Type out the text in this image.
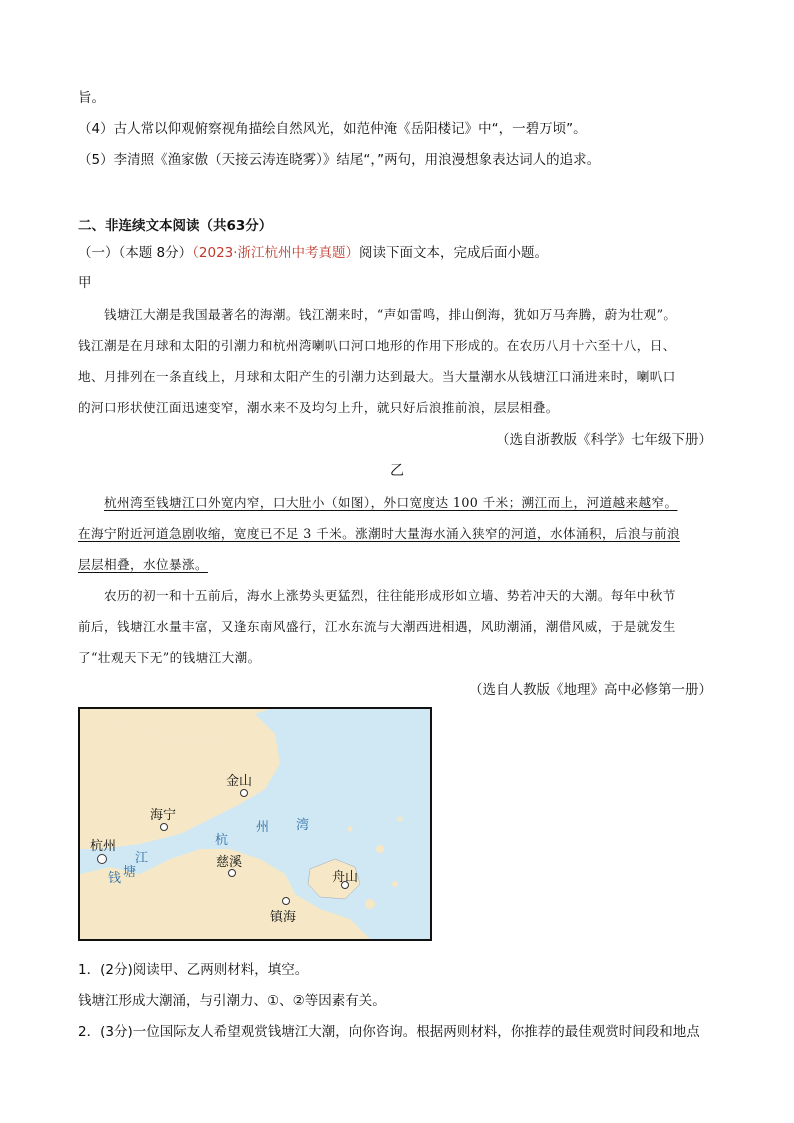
旨。
（4）古人常以仰观俯察视角描绘自然风光，如范仲淹《岳阳楼记》中“，一碧万顷”。
（5）李清照《渔家傲（天接云涛连晓雾）》结尾“，”两句，用浪漫想象表达词人的追求。
二、非连续文本阅读（共63分）
（一）（本题 8分）（2023·浙江杭州中考真题）阅读下面文本，完成后面小题。
甲
钱塘江大潮是我国最著名的海潮。钱江潮来时，“声如雷鸣，排山倒海，犹如万马奔腾，蔚为壮观”。
钱江潮是在月球和太阳的引潮力和杭州湾喇叭口河口地形的作用下形成的。在农历八月十六至十八，日、
地、月排列在一条直线上，月球和太阳产生的引潮力达到最大。当大量潮水从钱塘江口涌进来时，喇叭口
的河口形状使江面迅速变窄，潮水来不及均匀上升，就只好后浪推前浪，层层相叠。
（选自浙教版《科学》七年级下册）
乙
杭州湾至钱塘江口外宽内窄，口大肚小（如图），外口宽度达 100 千米；溯江而上，河道越来越窄。
在海宁附近河道急剧收缩，宽度已不足 3 千米。涨潮时大量海水涌入狭窄的河道，水体涌积，后浪与前浪
层层相叠，水位暴涨。
农历的初一和十五前后，海水上涨势头更猛烈，往往能形成形如立墙、势若冲天的大潮。每年中秋节
前后，钱塘江水量丰富，又逢东南风盛行，江水东流与大潮西进相遇，风助潮涌，潮借风威，于是就发生
了“壮观天下无”的钱塘江大潮。
（选自人教版《地理》高中必修第一册）
金山
海宁
杭州
慈溪
舟山
镇海
江
钱 塘
杭
州 湾
1．(2分)阅读甲、乙两则材料，填空。
钱塘江形成大潮涌，与引潮力、①、②等因素有关。
2．(3分)一位国际友人希望观赏钱塘江大潮，向你咨询。根据两则材料，你推荐的最佳观赏时间段和地点
